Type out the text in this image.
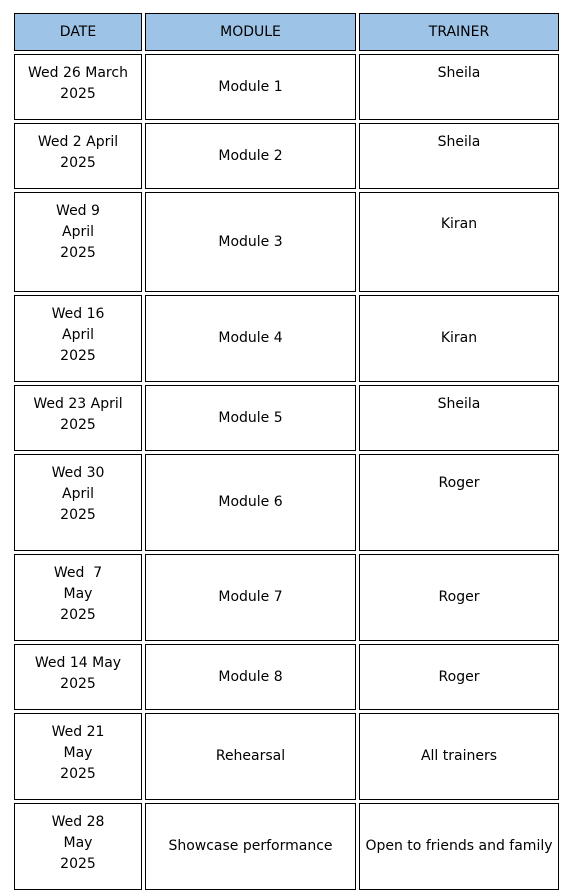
DATE	MODULE	TRAINER
Wed 26 March
2025	Module 1	Sheila
Wed 2 April
2025	Module 2	Sheila
Wed 9
April
2025	Module 3	Kiran
Wed 16
April
2025	Module 4	Kiran
Wed 23 April
2025	Module 5	Sheila
Wed 30
April
2025	Module 6	Roger
Wed  7
May
2025	Module 7	Roger
Wed 14 May
2025	Module 8	Roger
Wed 21
May
2025	Rehearsal	All trainers
Wed 28
May
2025	Showcase performance	Open to friends and family
